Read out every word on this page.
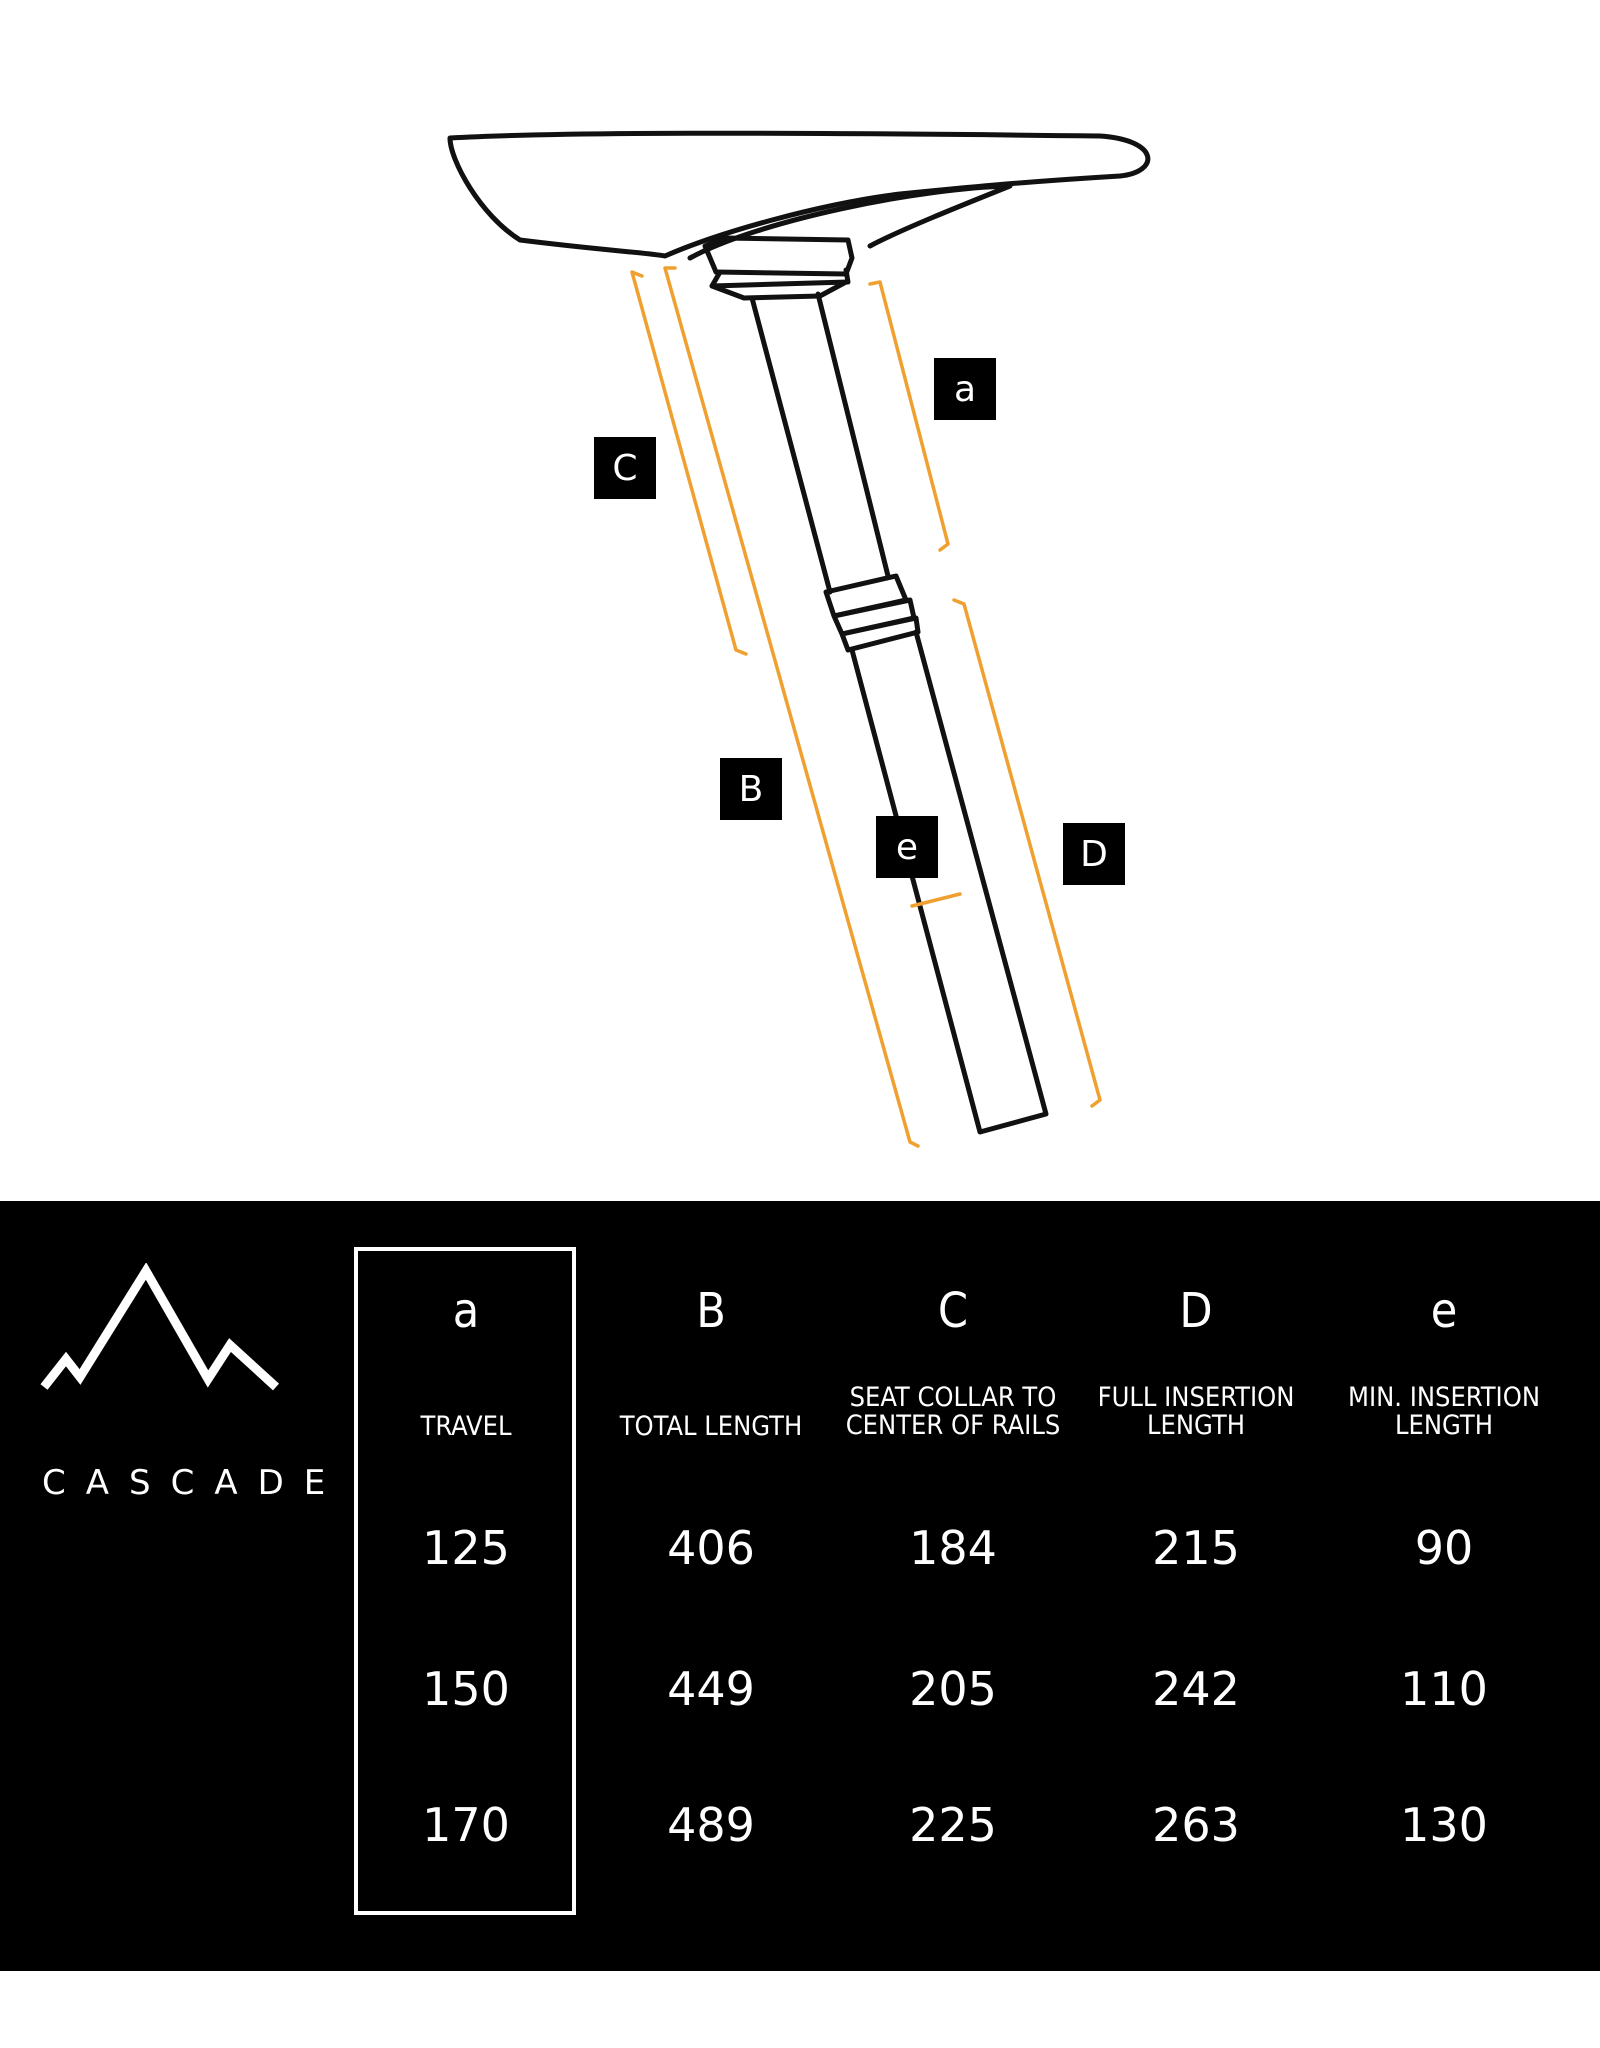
a
C
B
e	D
CASCADE
a
TRAVEL
125
150
170
B
TOTAL LENGTH
406
449
489
C
SEAT COLLAR TO
CENTER OF RAILS
184
205
225
D
FULL INSERTION
LENGTH
215
242
263
e
MIN. INSERTION
LENGTH
90
110
130
